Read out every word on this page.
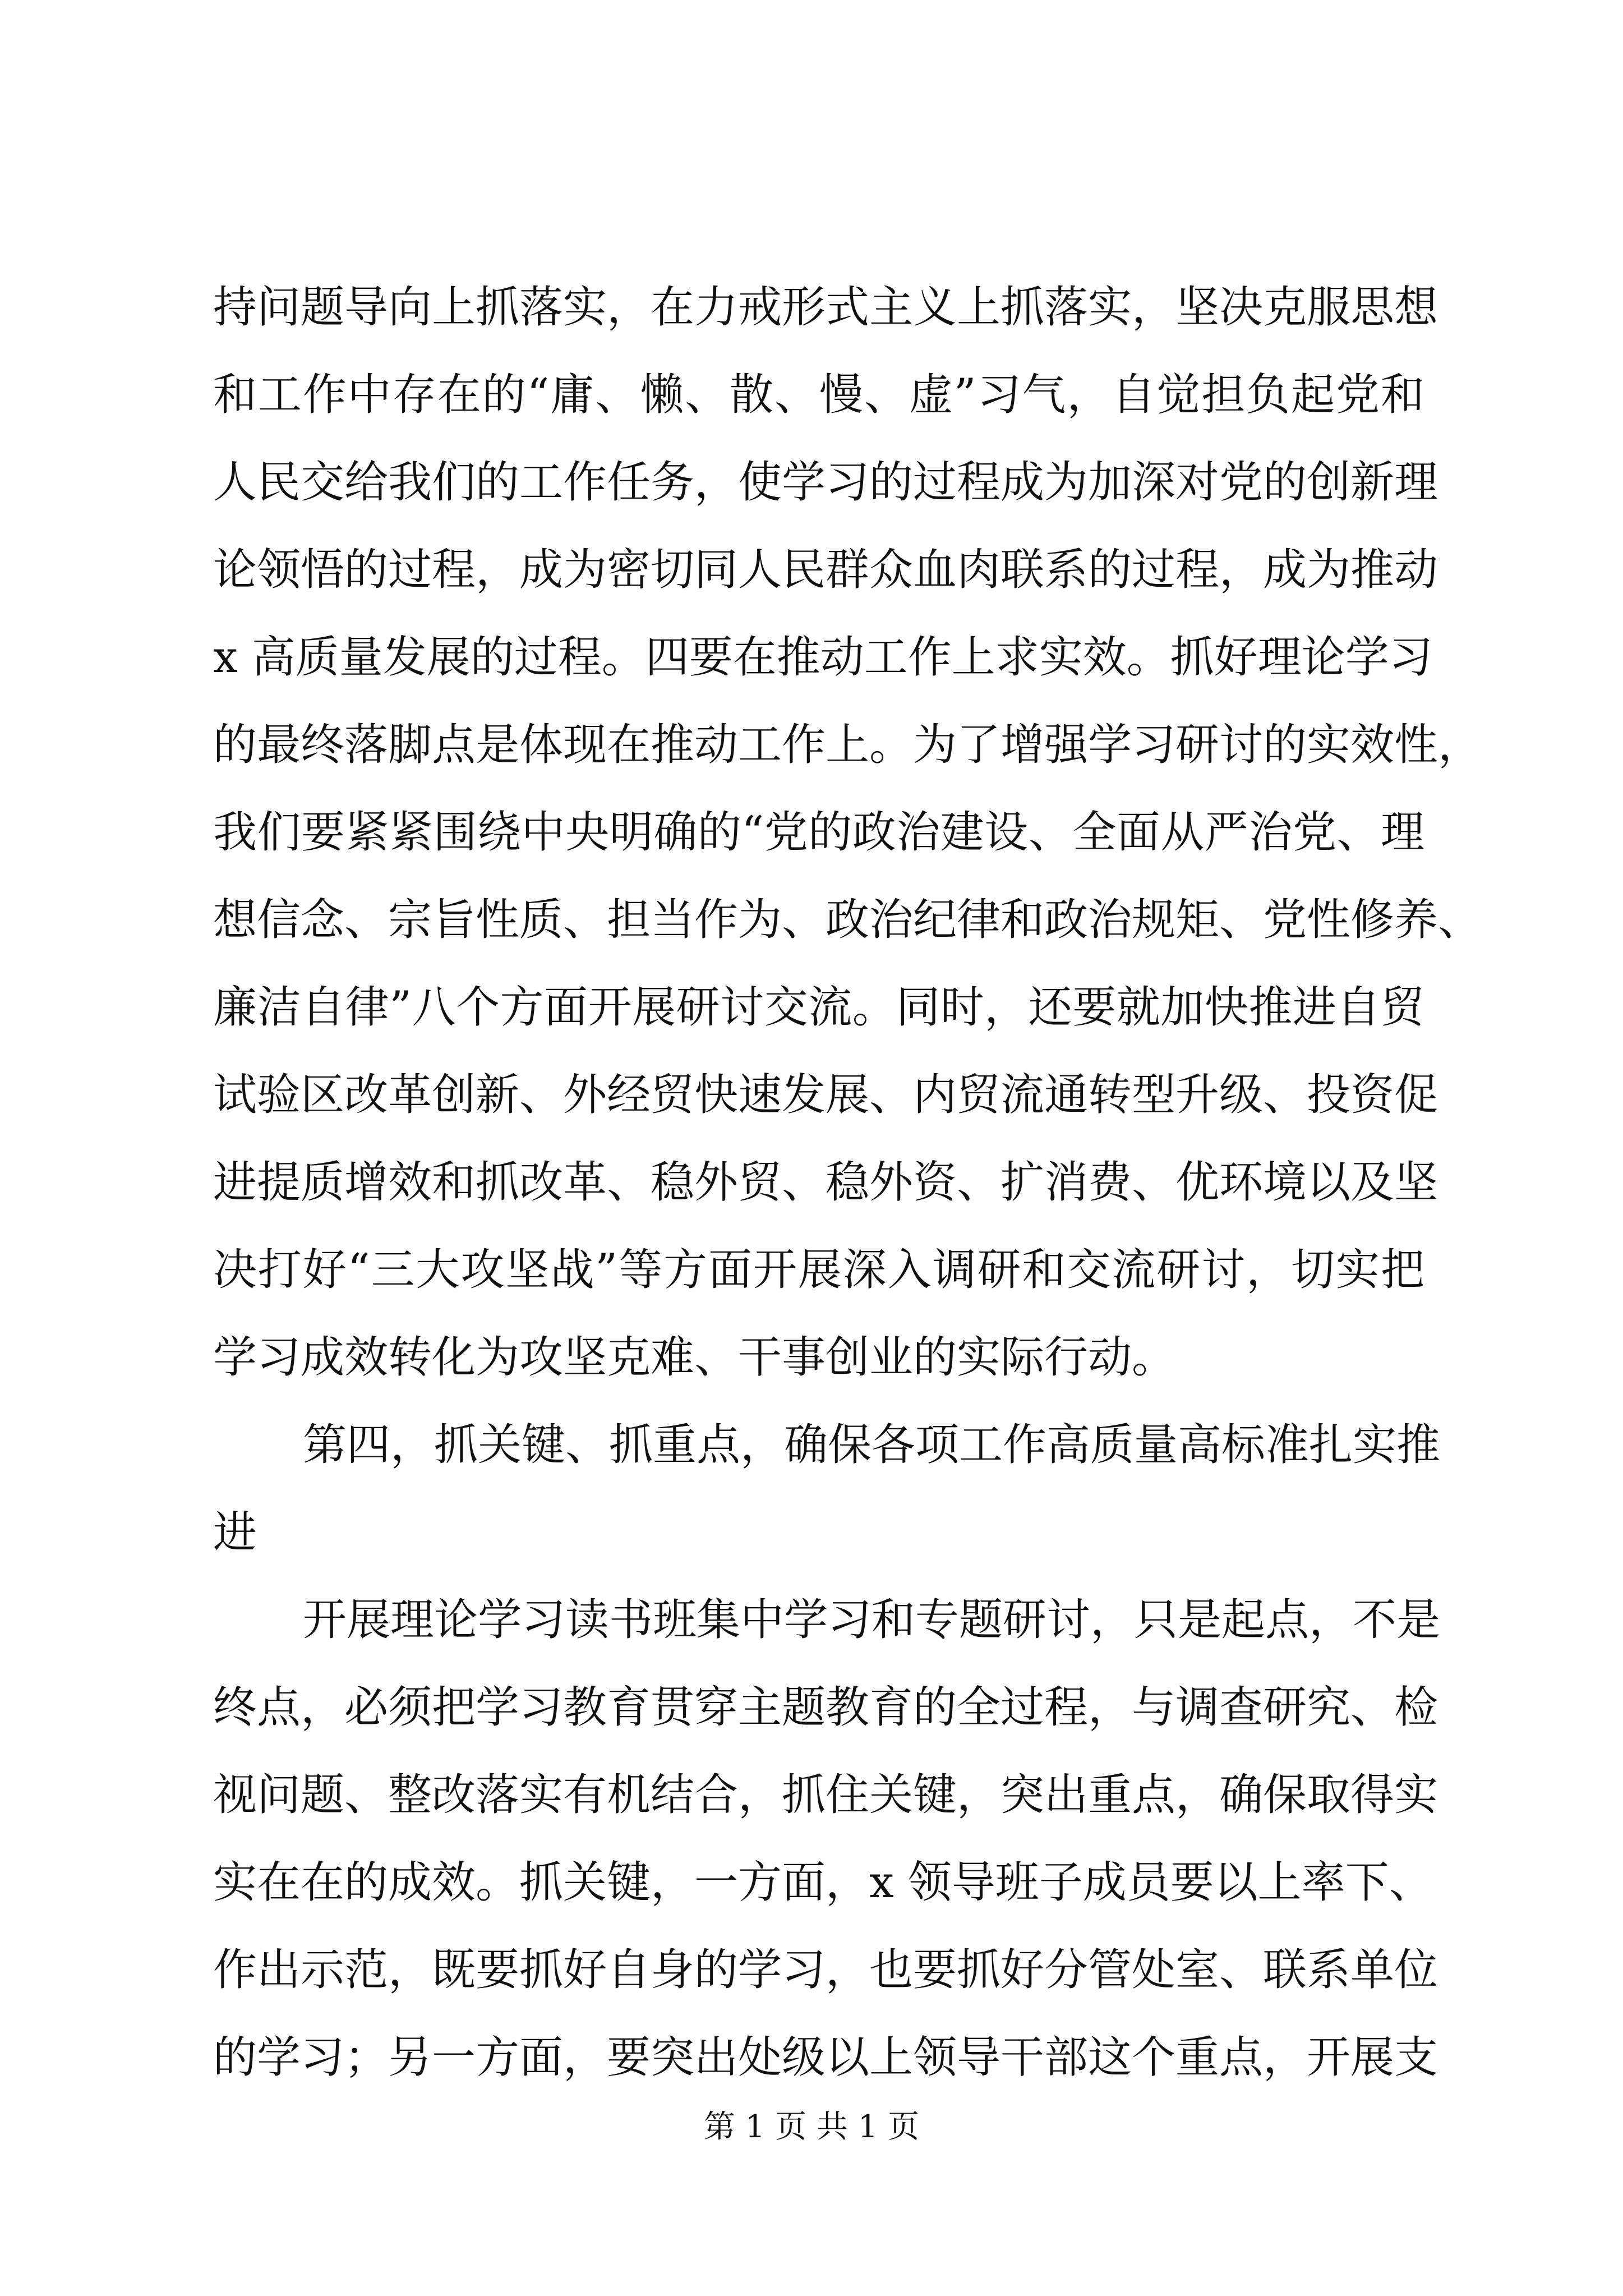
持问题导向上抓落实，在力戒形式主义上抓落实，坚决克服思想
和工作中存在的“庸、懒、散、慢、虚”习气，自觉担负起党和
人民交给我们的工作任务，使学习的过程成为加深对党的创新理
论领悟的过程，成为密切同人民群众血肉联系的过程，成为推动
x 高质量发展的过程。四要在推动工作上求实效。抓好理论学习
的最终落脚点是体现在推动工作上。为了增强学习研讨的实效性，
我们要紧紧围绕中央明确的“党的政治建设、全面从严治党、理
想信念、宗旨性质、担当作为、政治纪律和政治规矩、党性修养、
廉洁自律”八个方面开展研讨交流。同时，还要就加快推进自贸
试验区改革创新、外经贸快速发展、内贸流通转型升级、投资促
进提质增效和抓改革、稳外贸、稳外资、扩消费、优环境以及坚
决打好“三大攻坚战”等方面开展深入调研和交流研讨，切实把
学习成效转化为攻坚克难、干事创业的实际行动。
第四，抓关键、抓重点，确保各项工作高质量高标准扎实推
进
开展理论学习读书班集中学习和专题研讨，只是起点，不是
终点，必须把学习教育贯穿主题教育的全过程，与调查研究、检
视问题、整改落实有机结合，抓住关键，突出重点，确保取得实
实在在的成效。抓关键，一方面，x 领导班子成员要以上率下、
作出示范，既要抓好自身的学习，也要抓好分管处室、联系单位
的学习；另一方面，要突出处级以上领导干部这个重点，开展支
第 1 页 共 1 页
